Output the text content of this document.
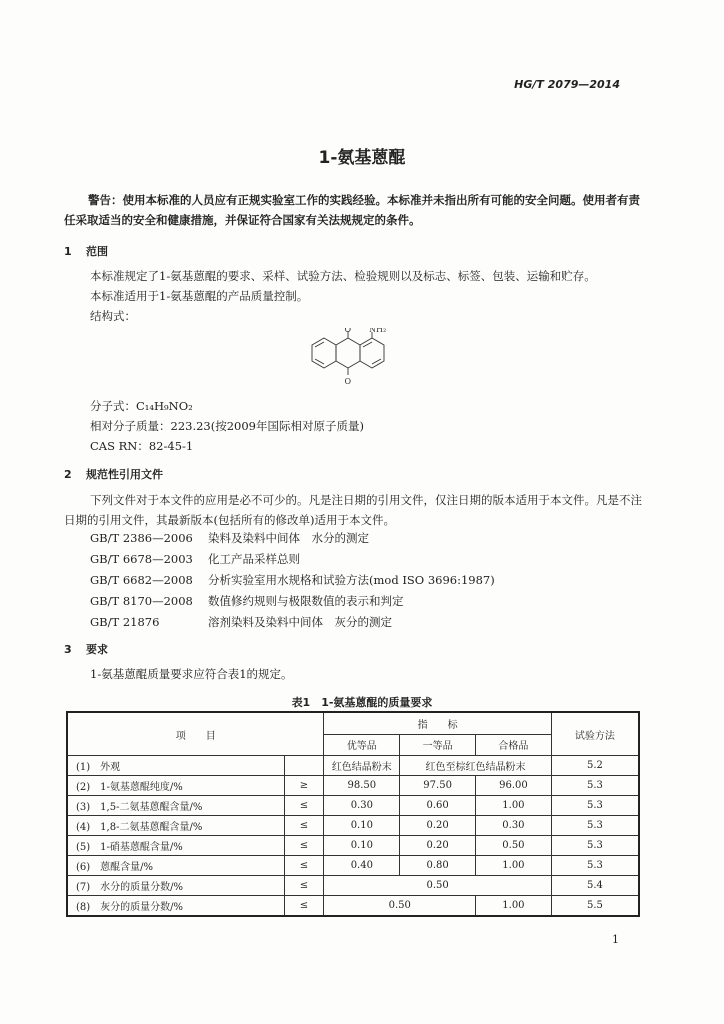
HG/T 2079—2014
1-氨基蒽醌
警告：使用本标准的人员应有正规实验室工作的实践经验。本标准并未指出所有可能的安全问题。使用者有责任采取适当的安全和健康措施，并保证符合国家有关法规规定的条件。
1 范围
本标准规定了1-氨基蒽醌的要求、采样、试验方法、检验规则以及标志、标签、包装、运输和贮存。
本标准适用于1-氨基蒽醌的产品质量控制。
结构式：
O NH₂
O
分子式：C₁₄H₉NO₂
相对分子质量：223.23(按2009年国际相对原子质量)
CAS RN：82-45-1
2 规范性引用文件
下列文件对于本文件的应用是必不可少的。凡是注日期的引用文件，仅注日期的版本适用于本文件。凡是不注日期的引用文件，其最新版本(包括所有的修改单)适用于本文件。
GB/T 2386—2006 染料及染料中间体　水分的测定
GB/T 6678—2003 化工产品采样总则
GB/T 6682—2008 分析实验室用水规格和试验方法(mod ISO 3696:1987)
GB/T 8170—2008 数值修约规则与极限数值的表示和判定
GB/T 21876	溶剂染料及染料中间体　灰分的测定
3 要求
1-氨基蒽醌质量要求应符合表1的规定。
表1　1-氨基蒽醌的质量要求
项　　目		指　　标			试验方法
		优等品	一等品	合格品	
(1)　 外观		红色结晶粉末	红色至棕红色结晶粉末		5.2
(2)　 1-氨基蒽醌纯度/%	≥	98.50	97.50	96.00	5.3
(3)　 1,5-二氨基蒽醌含量/%	≤	0.30	0.60	1.00	5.3
(4)　 1,8-二氨基蒽醌含量/%	≤	0.10	0.20	0.30	5.3
(5)　 1-硝基蒽醌含量/%	≤	0.10	0.20	0.50	5.3
(6)　 蒽醌含量/%	≤	0.40	0.80	1.00	5.3
(7)　 水分的质量分数/%	≤	0.50			5.4
(8)　 灰分的质量分数/%	≤	0.50		1.00	5.5
1
